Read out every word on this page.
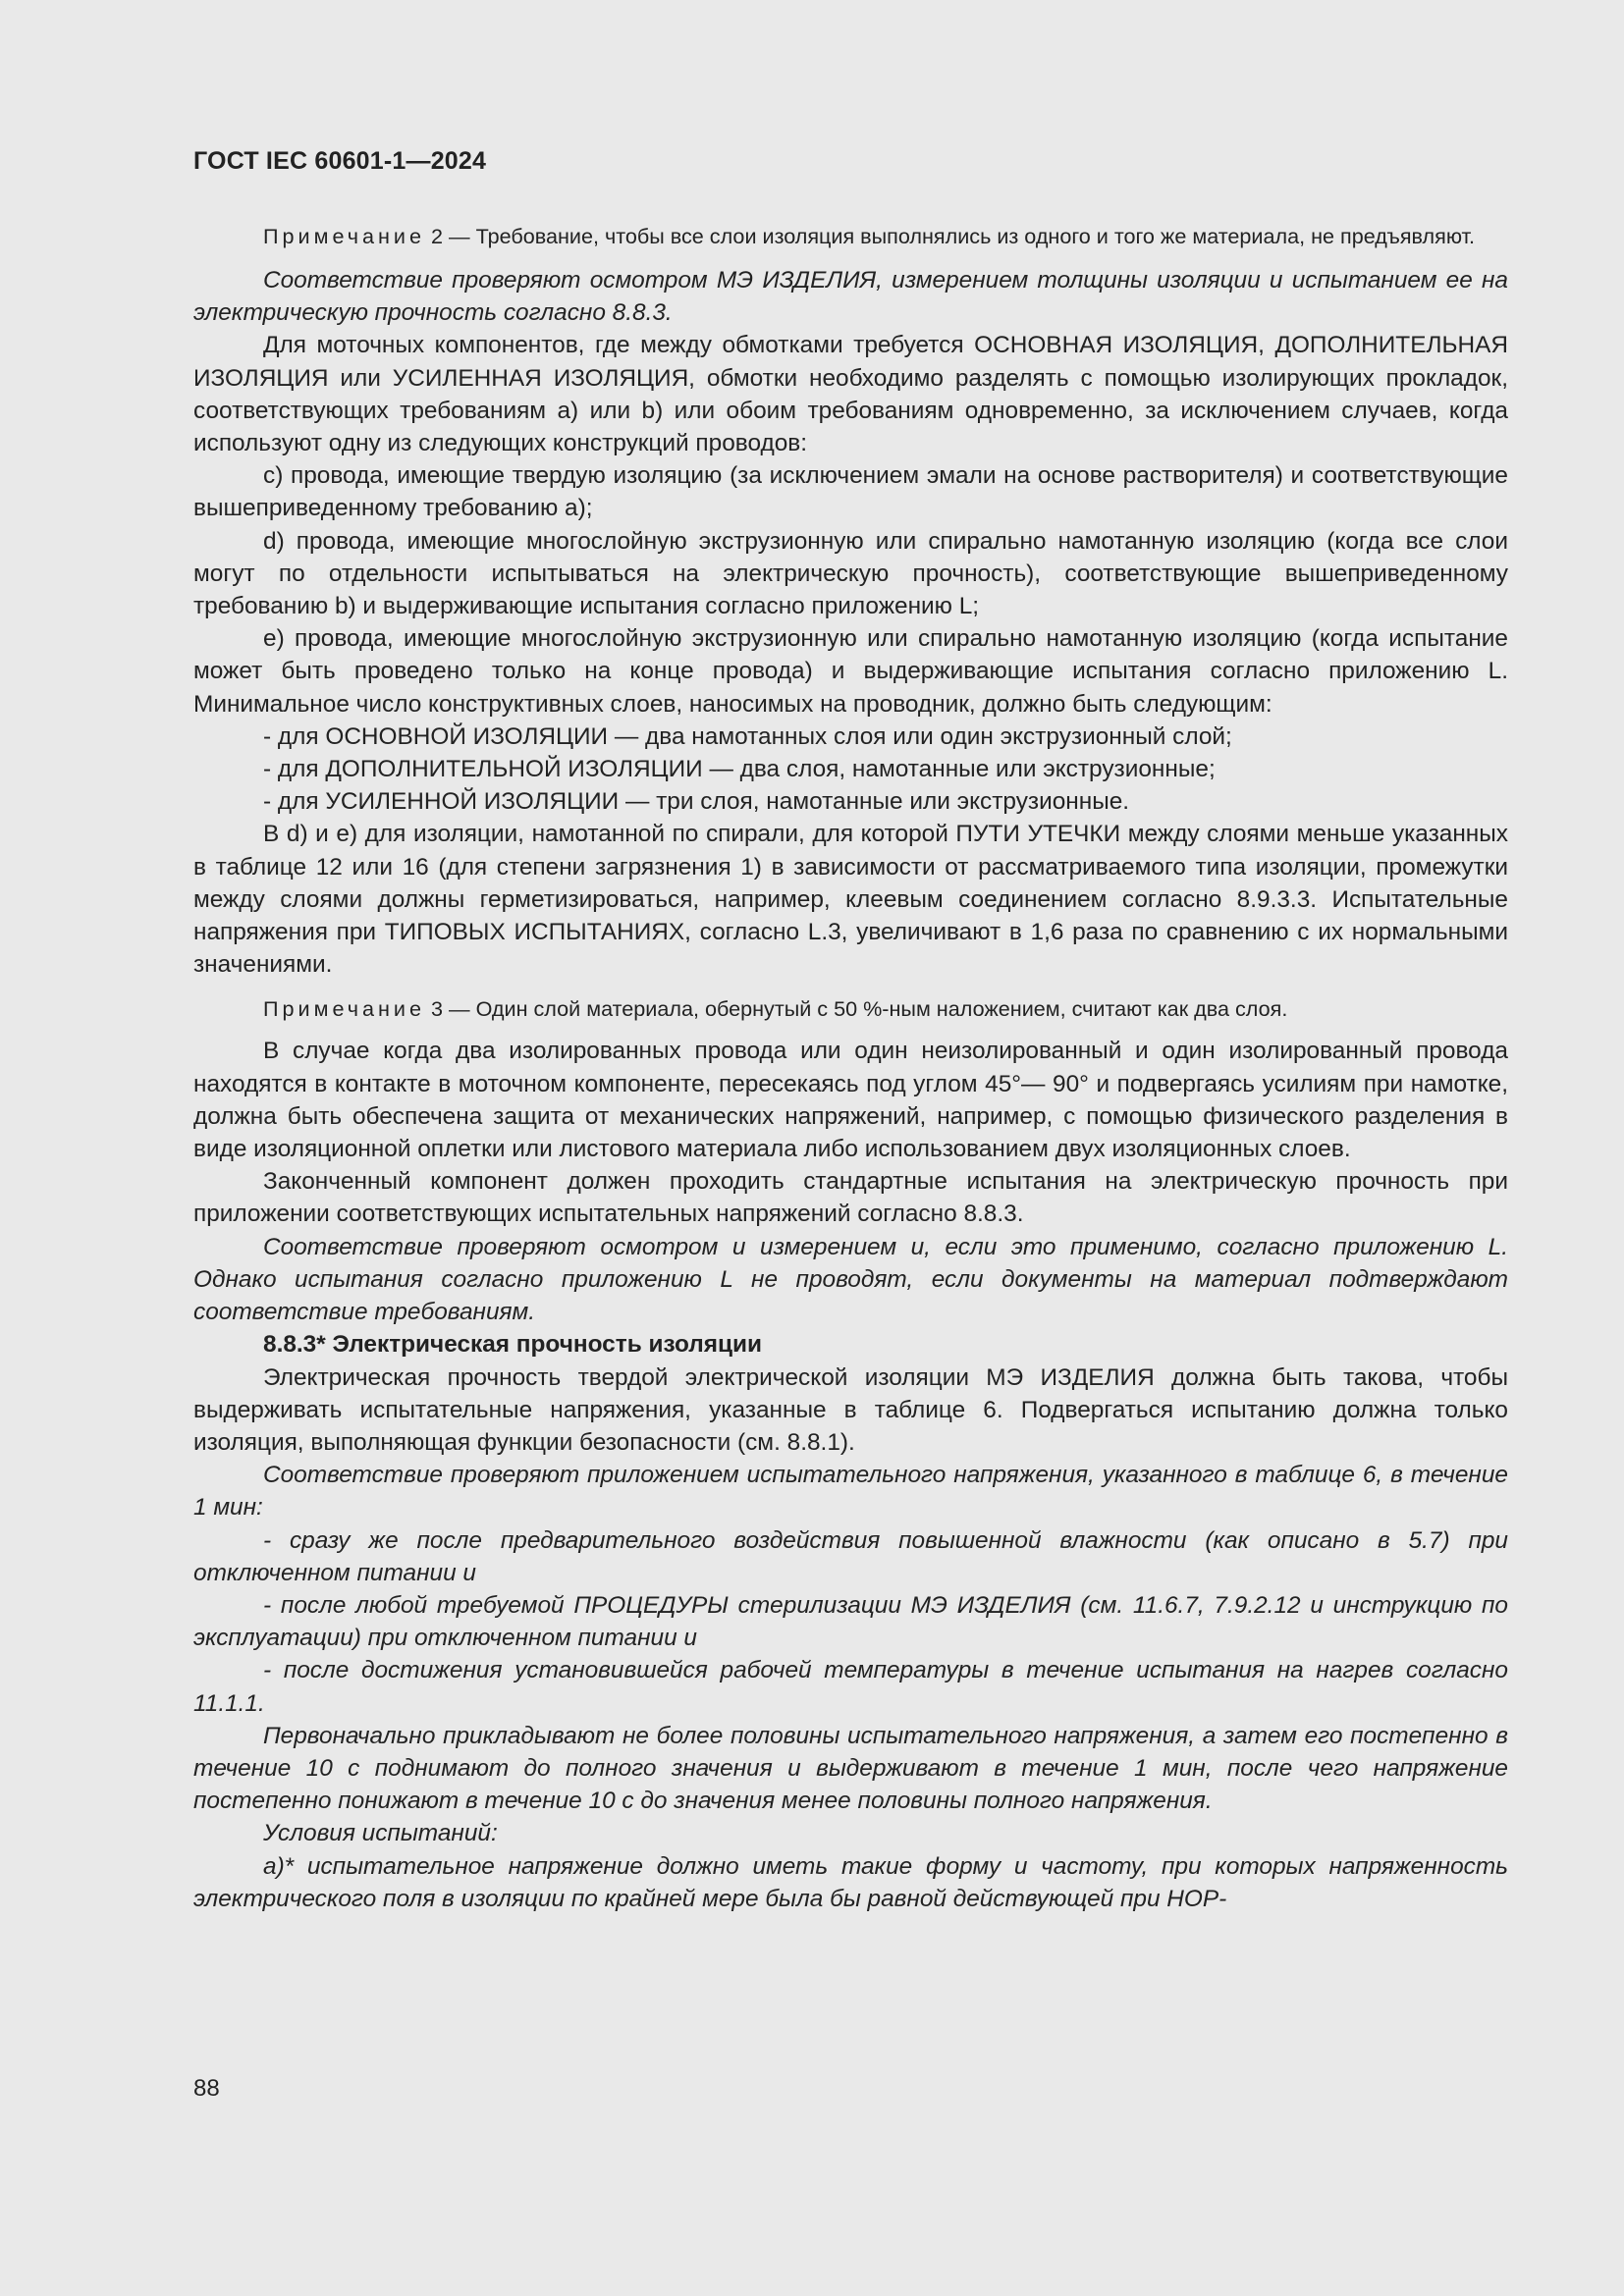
ГОСТ IEC 60601-1—2024

Примечание 2 — Требование, чтобы все слои изоляция выполнялись из одного и того же материала, не предъявляют.

Соответствие проверяют осмотром МЭ ИЗДЕЛИЯ, измерением толщины изоляции и испытанием ее на электрическую прочность согласно 8.8.3.

Для моточных компонентов, где между обмотками требуется ОСНОВНАЯ ИЗОЛЯЦИЯ, ДОПОЛНИТЕЛЬНАЯ ИЗОЛЯЦИЯ или УСИЛЕННАЯ ИЗОЛЯЦИЯ, обмотки необходимо разделять с помощью изолирующих прокладок, соответствующих требованиям a) или b) или обоим требованиям одновременно, за исключением случаев, когда используют одну из следующих конструкций проводов:

c) провода, имеющие твердую изоляцию (за исключением эмали на основе растворителя) и соответствующие вышеприведенному требованию а);

d) провода, имеющие многослойную экструзионную или спирально намотанную изоляцию (когда все слои могут по отдельности испытываться на электрическую прочность), соответствующие вышеприведенному требованию b) и выдерживающие испытания согласно приложению L;

e) провода, имеющие многослойную экструзионную или спирально намотанную изоляцию (когда испытание может быть проведено только на конце провода) и выдерживающие испытания согласно приложению L. Минимальное число конструктивных слоев, наносимых на проводник, должно быть следующим:

- для ОСНОВНОЙ ИЗОЛЯЦИИ — два намотанных слоя или один экструзионный слой;

- для ДОПОЛНИТЕЛЬНОЙ ИЗОЛЯЦИИ — два слоя, намотанные или экструзионные;

- для УСИЛЕННОЙ ИЗОЛЯЦИИ — три слоя, намотанные или экструзионные.

В d) и e) для изоляции, намотанной по спирали, для которой ПУТИ УТЕЧКИ между слоями меньше указанных в таблице 12 или 16 (для степени загрязнения 1) в зависимости от рассматриваемого типа изоляции, промежутки между слоями должны герметизироваться, например, клеевым соединением согласно 8.9.3.3. Испытательные напряжения при ТИПОВЫХ ИСПЫТАНИЯХ, согласно L.3, увеличивают в 1,6 раза по сравнению с их нормальными значениями.

Примечание 3 — Один слой материала, обернутый с 50 %-ным наложением, считают как два слоя.

В случае когда два изолированных провода или один неизолированный и один изолированный провода находятся в контакте в моточном компоненте, пересекаясь под углом 45°— 90° и подвергаясь усилиям при намотке, должна быть обеспечена защита от механических напряжений, например, с помощью физического разделения в виде изоляционной оплетки или листового материала либо использованием двух изоляционных слоев.

Законченный компонент должен проходить стандартные испытания на электрическую прочность при приложении соответствующих испытательных напряжений согласно 8.8.3.

Соответствие проверяют осмотром и измерением и, если это применимо, согласно приложению L. Однако испытания согласно приложению L не проводят, если документы на материал подтверждают соответствие требованиям.

8.8.3* Электрическая прочность изоляции

Электрическая прочность твердой электрической изоляции МЭ ИЗДЕЛИЯ должна быть такова, чтобы выдерживать испытательные напряжения, указанные в таблице 6. Подвергаться испытанию должна только изоляция, выполняющая функции безопасности (см. 8.8.1).

Соответствие проверяют приложением испытательного напряжения, указанного в таблице 6, в течение 1 мин:

- сразу же после предварительного воздействия повышенной влажности (как описано в 5.7) при отключенном питании и

- после любой требуемой ПРОЦЕДУРЫ стерилизации МЭ ИЗДЕЛИЯ (см. 11.6.7, 7.9.2.12 и инструкцию по эксплуатации) при отключенном питании и

- после достижения установившейся рабочей температуры в течение испытания на нагрев согласно 11.1.1.

Первоначально прикладывают не более половины испытательного напряжения, а затем его постепенно в течение 10 с поднимают до полного значения и выдерживают в течение 1 мин, после чего напряжение постепенно понижают в течение 10 с до значения менее половины полного напряжения.

Условия испытаний:

а)* испытательное напряжение должно иметь такие форму и частоту, при которых напряженность электрического поля в изоляции по крайней мере была бы равной действующей при НОР-

88
